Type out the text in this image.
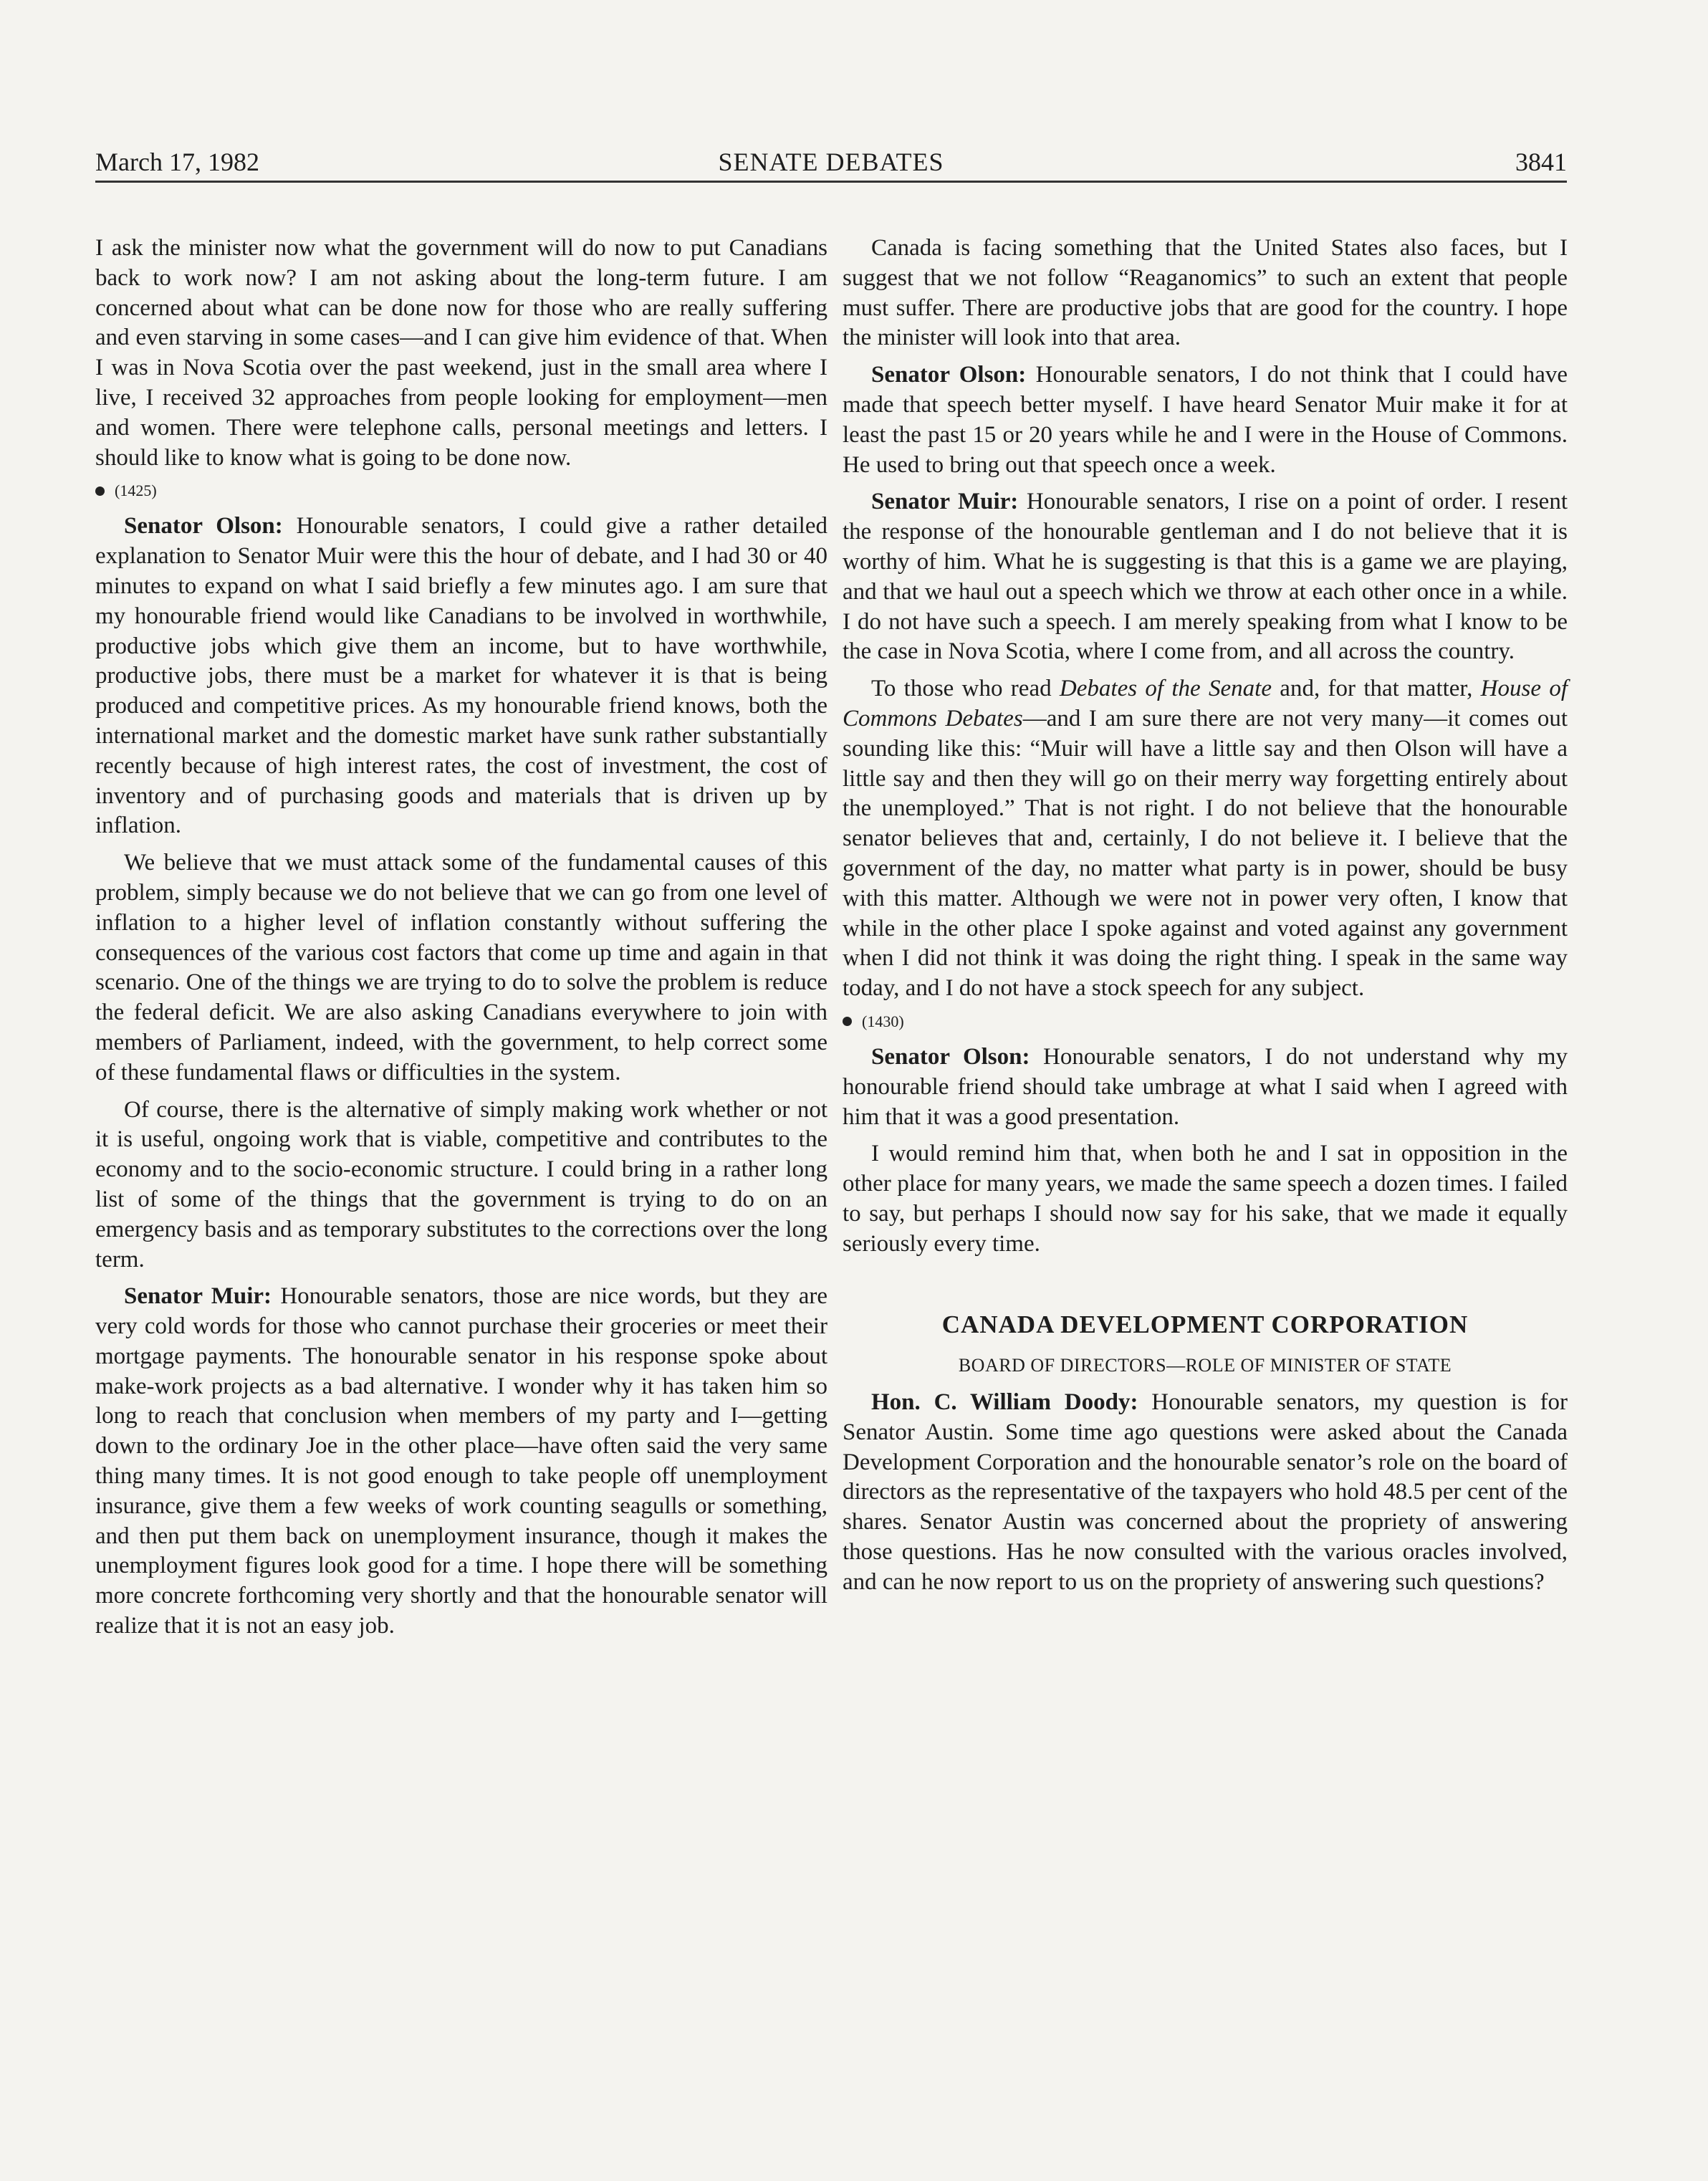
March 17, 1982	SENATE DEBATES	3841

I ask the minister now what the government will do now to put Canadians back to work now? I am not asking about the long-term future. I am concerned about what can be done now for those who are really suffering and even starving in some cases—and I can give him evidence of that. When I was in Nova Scotia over the past weekend, just in the small area where I live, I received 32 approaches from people looking for employment—men and women. There were telephone calls, personal meetings and letters. I should like to know what is going to be done now.

(1425)

Senator Olson: Honourable senators, I could give a rather detailed explanation to Senator Muir were this the hour of debate, and I had 30 or 40 minutes to expand on what I said briefly a few minutes ago. I am sure that my honourable friend would like Canadians to be involved in worthwhile, productive jobs which give them an income, but to have worthwhile, productive jobs, there must be a market for whatever it is that is being produced and competitive prices. As my honourable friend knows, both the international market and the domestic market have sunk rather substantially recently because of high interest rates, the cost of investment, the cost of inventory and of purchasing goods and materials that is driven up by inflation.

We believe that we must attack some of the fundamental causes of this problem, simply because we do not believe that we can go from one level of inflation to a higher level of inflation constantly without suffering the consequences of the various cost factors that come up time and again in that scenario. One of the things we are trying to do to solve the problem is reduce the federal deficit. We are also asking Canadians everywhere to join with members of Parliament, indeed, with the government, to help correct some of these fundamental flaws or difficulties in the system.

Of course, there is the alternative of simply making work whether or not it is useful, ongoing work that is viable, competitive and contributes to the economy and to the socio-economic structure. I could bring in a rather long list of some of the things that the government is trying to do on an emergency basis and as temporary substitutes to the corrections over the long term.

Senator Muir: Honourable senators, those are nice words, but they are very cold words for those who cannot purchase their groceries or meet their mortgage payments. The honourable senator in his response spoke about make-work projects as a bad alternative. I wonder why it has taken him so long to reach that conclusion when members of my party and I—getting down to the ordinary Joe in the other place—have often said the very same thing many times. It is not good enough to take people off unemployment insurance, give them a few weeks of work counting seagulls or something, and then put them back on unemployment insurance, though it makes the unemployment figures look good for a time. I hope there will be something more concrete forthcoming very shortly and that the honourable senator will realize that it is not an easy job.

Canada is facing something that the United States also faces, but I suggest that we not follow “Reaganomics” to such an extent that people must suffer. There are productive jobs that are good for the country. I hope the minister will look into that area.

Senator Olson: Honourable senators, I do not think that I could have made that speech better myself. I have heard Senator Muir make it for at least the past 15 or 20 years while he and I were in the House of Commons. He used to bring out that speech once a week.

Senator Muir: Honourable senators, I rise on a point of order. I resent the response of the honourable gentleman and I do not believe that it is worthy of him. What he is suggesting is that this is a game we are playing, and that we haul out a speech which we throw at each other once in a while. I do not have such a speech. I am merely speaking from what I know to be the case in Nova Scotia, where I come from, and all across the country.

To those who read Debates of the Senate and, for that matter, House of Commons Debates—and I am sure there are not very many—it comes out sounding like this: “Muir will have a little say and then Olson will have a little say and then they will go on their merry way forgetting entirely about the unemployed.” That is not right. I do not believe that the honourable senator believes that and, certainly, I do not believe it. I believe that the government of the day, no matter what party is in power, should be busy with this matter. Although we were not in power very often, I know that while in the other place I spoke against and voted against any government when I did not think it was doing the right thing. I speak in the same way today, and I do not have a stock speech for any subject.

(1430)

Senator Olson: Honourable senators, I do not understand why my honourable friend should take umbrage at what I said when I agreed with him that it was a good presentation.

I would remind him that, when both he and I sat in opposition in the other place for many years, we made the same speech a dozen times. I failed to say, but perhaps I should now say for his sake, that we made it equally seriously every time.

CANADA DEVELOPMENT CORPORATION
BOARD OF DIRECTORS—ROLE OF MINISTER OF STATE

Hon. C. William Doody: Honourable senators, my question is for Senator Austin. Some time ago questions were asked about the Canada Development Corporation and the honourable senator’s role on the board of directors as the representative of the taxpayers who hold 48.5 per cent of the shares. Senator Austin was concerned about the propriety of answering those questions. Has he now consulted with the various oracles involved, and can he now report to us on the propriety of answering such questions?
